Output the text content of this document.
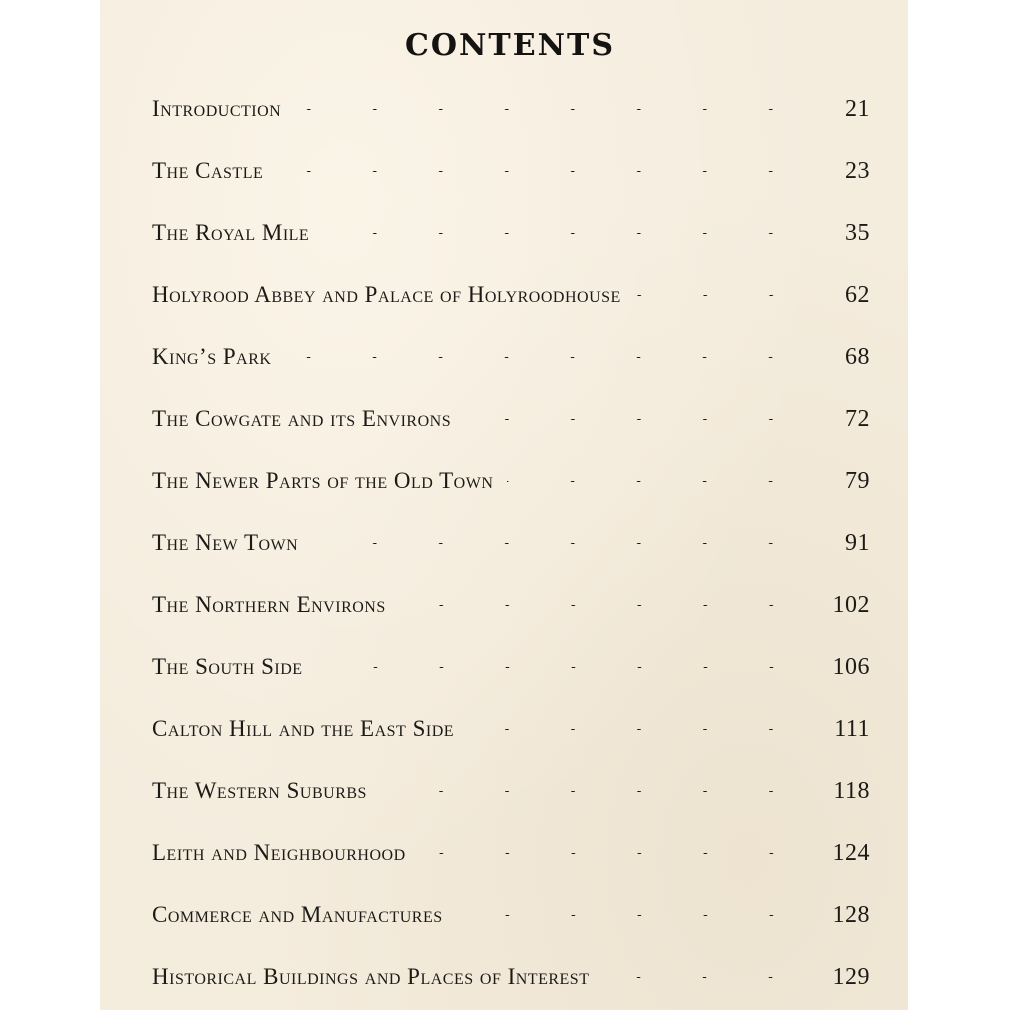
CONTENTS
Introduction	21
The Castle	23
The Royal Mile	35
Holyrood Abbey and Palace of Holyroodhouse	62
King’s Park	68
The Cowgate and its Environs	72
The Newer Parts of the Old Town	79
The New Town	91
The Northern Environs	102
The South Side	106
Calton Hill and the East Side	111
The Western Suburbs	118
Leith and Neighbourhood	124
Commerce and Manufactures	128
Historical Buildings and Places of Interest	129
